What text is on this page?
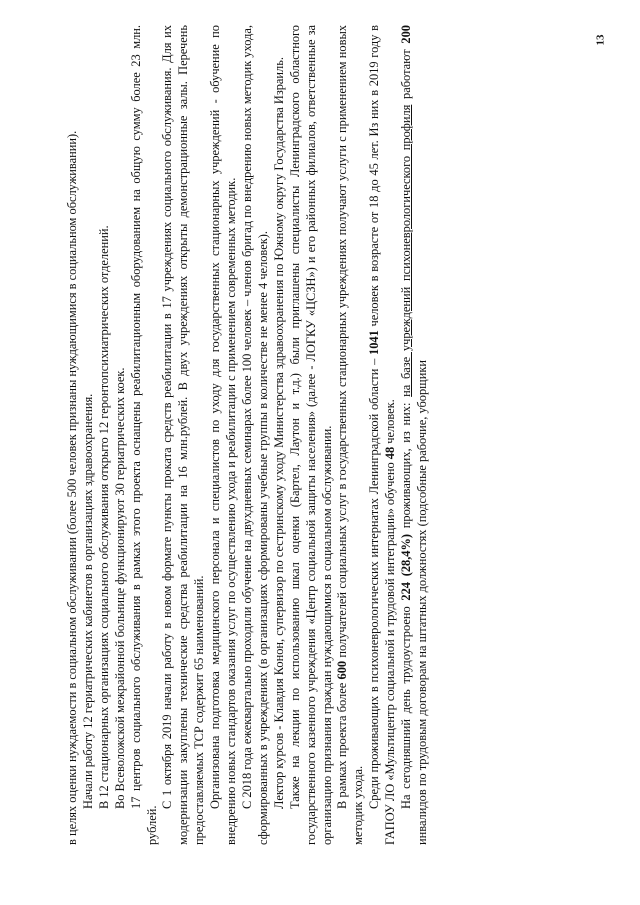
13

в целях оценки нуждаемости в социальном обслуживании (более 500 человек признаны нуждающимися в социальном обслуживании). Начали работу 12 гериатрических кабинетов в организациях здравоохранения. В 12 стационарных организациях социального обслуживания открыто 12 геронтопсихиатрических отделений. Во Всеволожской межрайонной больнице функционируют 30 гериатрических коек. 17 центров социального обслуживания в рамках этого проекта оснащены реабилитационным оборудованием на общую сумму более 23 млн. рублей.

С 1 октября 2019 начали работу в новом формате пункты проката средств реабилитации в 17 учреждениях социального обслуживания. Для их модернизации закуплены технические средства реабилитации на 16 млн.рублей. В двух учреждениях открыты демонстрационные залы. Перечень предоставляемых ТСР содержит 65 наименований. Организована подготовка медицинского персонала и специалистов по уходу для государственных стационарных учреждений - обучение по внедрению новых стандартов оказания услуг по осуществлению ухода и реабилитации с применением современных методик. С 2018 года ежеквартально проходили обучение на двухдневных семинарах более 100 человек – членов бригад по внедрению новых методик ухода, сформированных в учреждениях (в организациях сформированы учебные группы в количестве не менее 4 человек). Лектор курсов - Клавдия Конон, супервизор по сестринскому уходу Министерства здравоохранения по Южному округу Государства Израиль. Также на лекции по использованию шкал оценки (Бартел, Лаутон и т.д.) были приглашены специалисты Ленинградского областного государственного казенного учреждения «Центр социальной защиты населения» (далее - ЛОГКУ «ЦСЗН») и его районных филиалов, ответственные за организацию признания граждан нуждающимися в социальном обслуживании. В рамках проекта более 600 получателей социальных услуг в государственных стационарных учреждениях получают услуги с применением новых методик ухода. Среди проживающих в психоневрологических интернатах Ленинградской области – 1041 человек в возрасте от 18 до 45 лет. Из них в 2019 году в ГАПОУ ЛО «Мультицентр социальной и трудовой интеграции» обучено 48 человек.

На сегодняшний день трудоустроено 224 (28,4%) проживающих, из них: на базе учреждений психоневрологического профиля работают 200 инвалидов по трудовым договорам на штатных должностях (подсобные рабочие, уборщики
